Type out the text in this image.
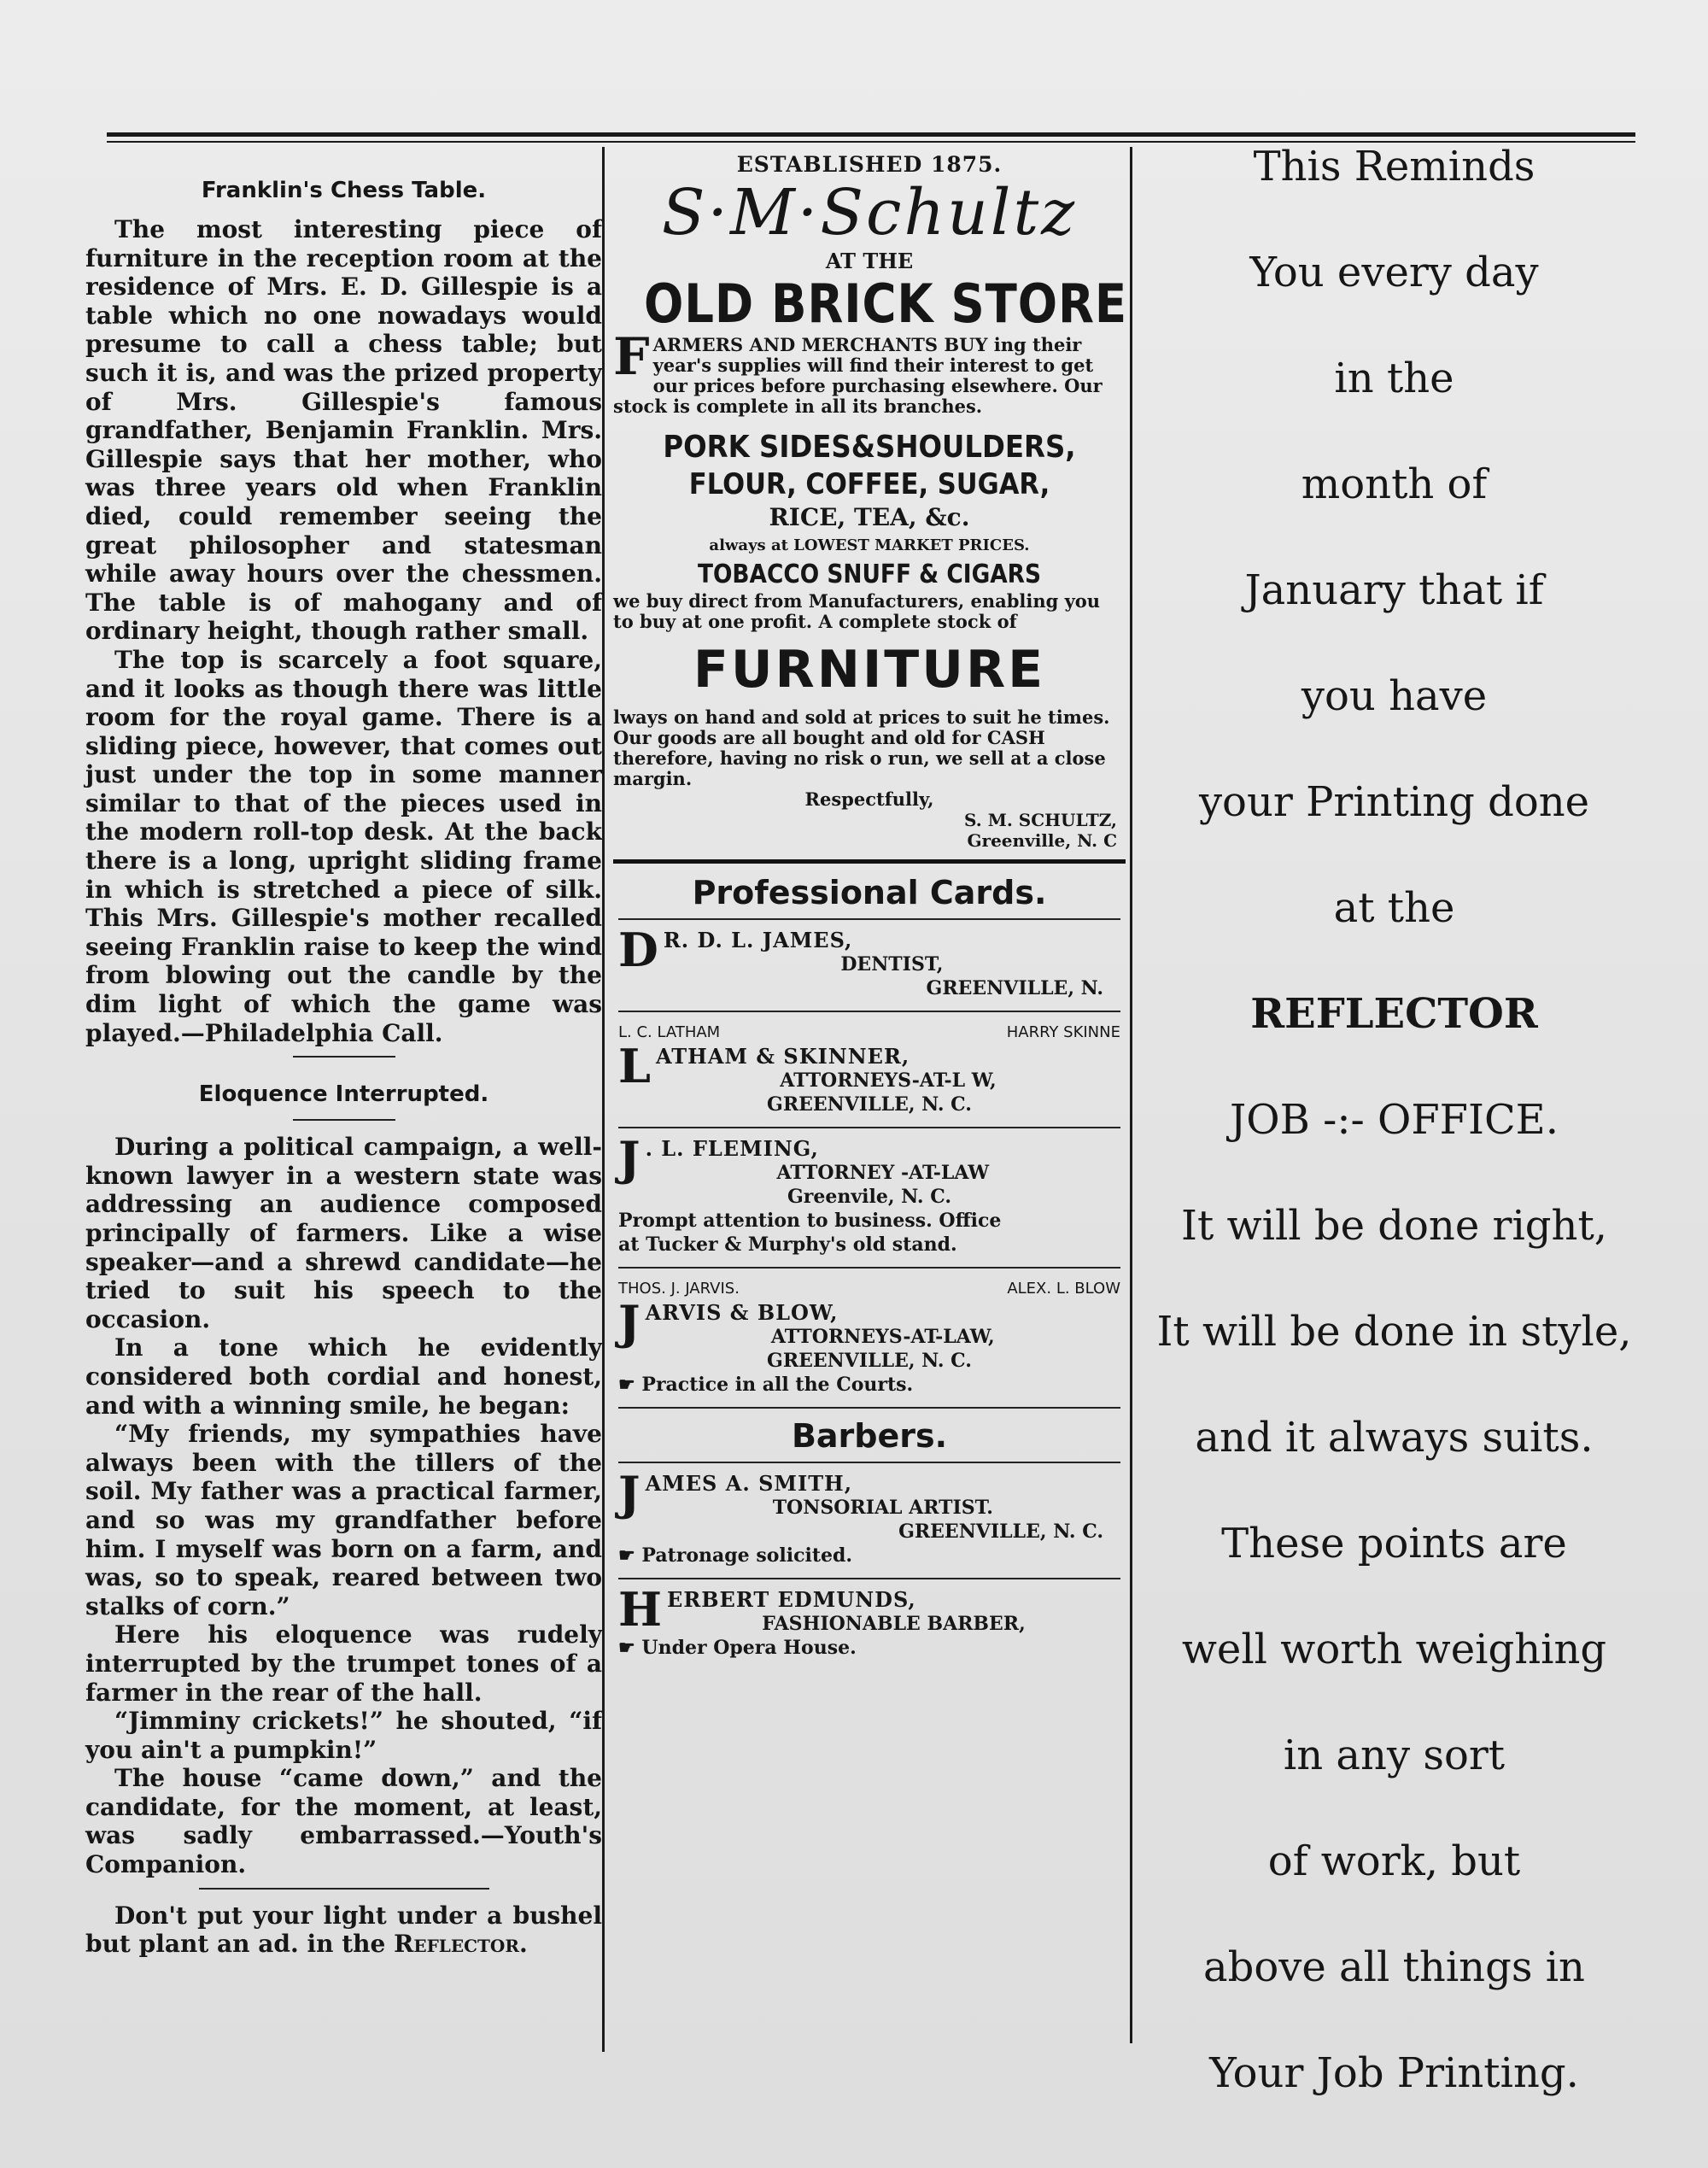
Franklin's Chess Table.

The most interesting piece of furniture in the reception room at the residence of Mrs. E. D. Gillespie is a table which no one nowadays would presume to call a chess table; but such it is, and was the prized property of Mrs. Gillespie's famous grandfather, Benjamin Franklin. Mrs. Gillespie says that her mother, who was three years old when Franklin died, could remember seeing the great philosopher and statesman while away hours over the chessmen. The table is of mahogany and of ordinary height, though rather small.

The top is scarcely a foot square, and it looks as though there was little room for the royal game. There is a sliding piece, however, that comes out just under the top in some manner similar to that of the pieces used in the modern roll-top desk. At the back there is a long, upright sliding frame in which is stretched a piece of silk. This Mrs. Gillespie's mother recalled seeing Franklin raise to keep the wind from blowing out the candle by the dim light of which the game was played.—Philadelphia Call.

Eloquence Interrupted.

During a political campaign, a well-known lawyer in a western state was addressing an audience composed principally of farmers. Like a wise speaker—and a shrewd candidate—he tried to suit his speech to the occasion.

In a tone which he evidently considered both cordial and honest, and with a winning smile, he began:

“My friends, my sympathies have always been with the tillers of the soil. My father was a practical farmer, and so was my grandfather before him. I myself was born on a farm, and was, so to speak, reared between two stalks of corn.”

Here his eloquence was rudely interrupted by the trumpet tones of a farmer in the rear of the hall.

“Jimminy crickets!” he shouted, “if you ain't a pumpkin!”

The house “came down,” and the candidate, for the moment, at least, was sadly embarrassed.—Youth's Companion.

Don't put your light under a bushel but plant an ad. in the Reflector.
ESTABLISHED 1875.
S·M·Schultz
AT THE
OLD BRICK STORE

FARMERS AND MERCHANTS BUY ing their year's supplies will find their interest to get our prices before purchasing elsewhere. Our stock is complete in all its branches.

PORK SIDES&SHOULDERS,
FLOUR, COFFEE, SUGAR,
RICE, TEA, &c.
always at LOWEST MARKET PRICES.
TOBACCO SNUFF & CIGARS

we buy direct from Manufacturers, enabling you to buy at one profit. A complete stock of

FURNITURE

lways on hand and sold at prices to suit he times. Our goods are all bought and old for CASH therefore, having no risk o run, we sell at a close margin.

Respectfully,
S. M. SCHULTZ,
Greenville, N. C
Professional Cards.
D R. D. L. JAMES,
DENTIST,
GREENVILLE, N.
L. C. LATHAM	HARRY SKINNE
L ATHAM & SKINNER,
ATTORNEYS-AT-L W,
GREENVILLE, N. C.
J . L. FLEMING,
ATTORNEY -AT-LAW
Greenvile, N. C.
Prompt attention to business. Office
at Tucker & Murphy's old stand.
THOS. J. JARVIS.	ALEX. L. BLOW
J ARVIS & BLOW,
ATTORNEYS-AT-LAW,
GREENVILLE, N. C.
☛ Practice in all the Courts.
Barbers.
J AMES A. SMITH,
TONSORIAL ARTIST.
GREENVILLE, N. C.
☛ Patronage solicited.
H ERBERT EDMUNDS,
FASHIONABLE BARBER,
☛ Under Opera House.
This Reminds
You every day
in the
month of
January that if
you have
your Printing done
at the
REFLECTOR
JOB -:- OFFICE.
It will be done right,
It will be done in style,
and it always suits.
These points are
well worth weighing
in any sort
of work, but
above all things in
Your Job Printing.
